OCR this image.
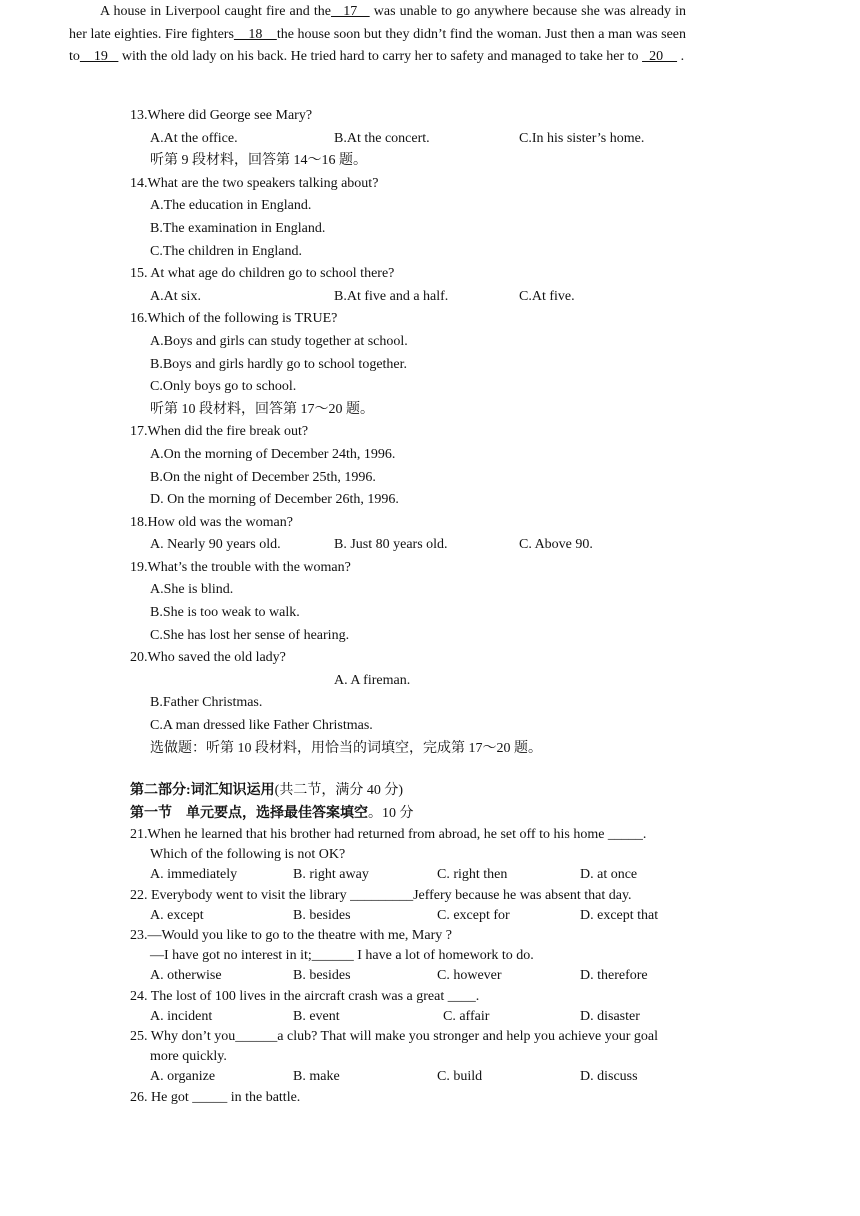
A house in Liverpool caught fire and the   17    was unable to go anywhere because she was already in her late eighties. Fire fighters    18    the house soon but they didn’t find the woman. Just then a man was seen to    19    with the old lady on his back. He tried hard to carry her to safety and managed to take her to   20     .

13.Where did George see Mary?
A.At the office.	B.At the concert.	C.In his sister’s home.
听第 9 段材料，回答第 14～16 题。
14.What are the two speakers talking about?
A.The education in England.
B.The examination in England.
C.The children in England.
15. At what age do children go to school there?
A.At six.	B.At five and a half.	C.At five.
16.Which of the following is TRUE?
A.Boys and girls can study together at school.
B.Boys and girls hardly go to school together.
C.Only boys go to school.
听第 10 段材料，回答第 17～20 题。
17.When did the fire break out?
A.On the morning of December 24th, 1996.
B.On the night of December 25th, 1996.
D. On the morning of December 26th, 1996.
18.How old was the woman?
A. Nearly 90 years old.	B. Just 80 years old.	C. Above 90.
19.What’s the trouble with the woman?
A.She is blind.
B.She is too weak to walk.
C.She has lost her sense of hearing.
20.Who saved the old lady?
A. A fireman.
B.Father Christmas.
C.A man dressed like Father Christmas.
选做题：听第 10 段材料，用恰当的词填空，完成第 17～20 题。
第二部分:词汇知识运用(共二节，满分 40 分)
第一节　单元要点，选择最佳答案填空。10 分
21.When he learned that his brother had returned from abroad, he set off to his home _____.
Which of the following is not OK?
A. immediately	B. right away	C. right then	D. at once
22. Everybody went to visit the library _________Jeffery because he was absent that day.
A. except	B. besides	C. except for	D. except that
23.—Would you like to go to the theatre with me, Mary ?
—I have got no interest in it;______ I have a lot of homework to do.
A. otherwise	B. besides	C. however	D. therefore
24. The lost of 100 lives in the aircraft crash was a great ____.
A. incident	B. event	C. affair	D. disaster
25. Why don’t you______a club? That will make you stronger and help you achieve your goal
more quickly.
A. organize	B. make	C. build	D. discuss
26. He got _____ in the battle.
